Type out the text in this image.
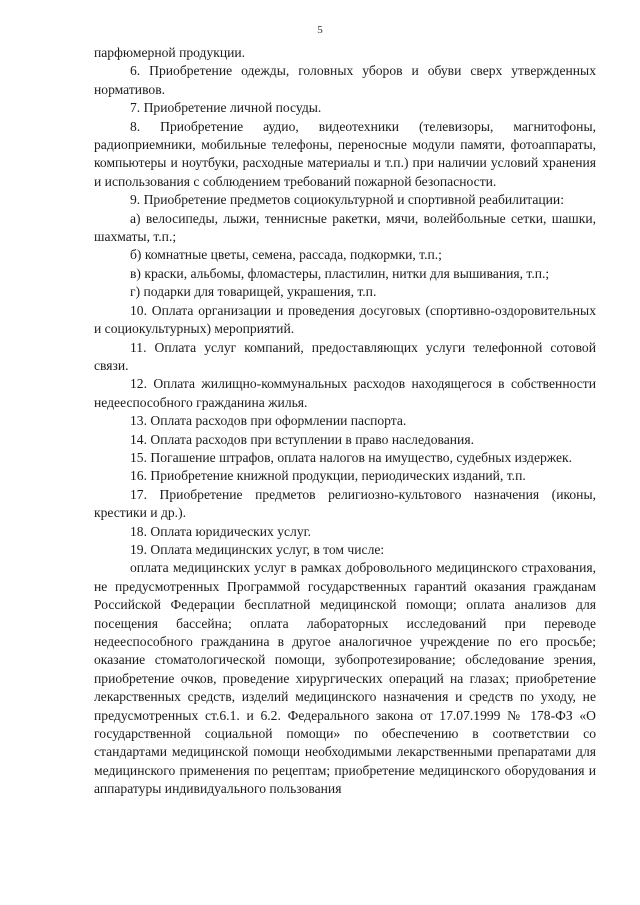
5

парфюмерной продукции.

6. Приобретение одежды, головных уборов и обуви сверх утвержденных нормативов.

7. Приобретение личной посуды.

8. Приобретение аудио, видеотехники (телевизоры, магнитофоны, радиоприемники, мобильные телефоны, переносные модули памяти, фотоаппараты, компьютеры и ноутбуки, расходные материалы и т.п.) при наличии условий хранения и использования с соблюдением требований пожарной безопасности.

9. Приобретение предметов социокультурной и спортивной реабилитации:

а) велосипеды, лыжи, теннисные ракетки, мячи, волейбольные сетки, шашки, шахматы, т.п.;

б) комнатные цветы, семена, рассада, подкормки, т.п.;

в) краски, альбомы, фломастеры, пластилин, нитки для вышивания, т.п.;

г) подарки для товарищей, украшения, т.п.

10. Оплата организации и проведения досуговых (спортивно-оздоровительных и социокультурных) мероприятий.

11. Оплата услуг компаний, предоставляющих услуги телефонной сотовой связи.

12. Оплата жилищно-коммунальных расходов находящегося в собственности недееспособного гражданина жилья.

13. Оплата расходов при оформлении паспорта.

14. Оплата расходов при вступлении в право наследования.

15. Погашение штрафов, оплата налогов на имущество, судебных издержек.

16. Приобретение книжной продукции, периодических изданий, т.п.

17. Приобретение предметов религиозно-культового назначения (иконы, крестики и др.).

18. Оплата юридических услуг.

19. Оплата медицинских услуг, в том числе:

оплата медицинских услуг в рамках добровольного медицинского страхования, не предусмотренных Программой государственных гарантий оказания гражданам Российской Федерации бесплатной медицинской помощи; оплата анализов для посещения бассейна; оплата лабораторных исследований при переводе недееспособного гражданина в другое аналогичное учреждение по его просьбе; оказание стоматологической помощи, зубопротезирование; обследование зрения, приобретение очков, проведение хирургических операций на глазах; приобретение лекарственных средств, изделий медицинского назначения и средств по уходу, не предусмотренных ст.6.1. и 6.2. Федерального закона от 17.07.1999 № 178-ФЗ «О государственной социальной помощи» по обеспечению в соответствии со стандартами медицинской помощи необходимыми лекарственными препаратами для медицинского применения по рецептам; приобретение медицинского оборудования и аппаратуры индивидуального пользования
